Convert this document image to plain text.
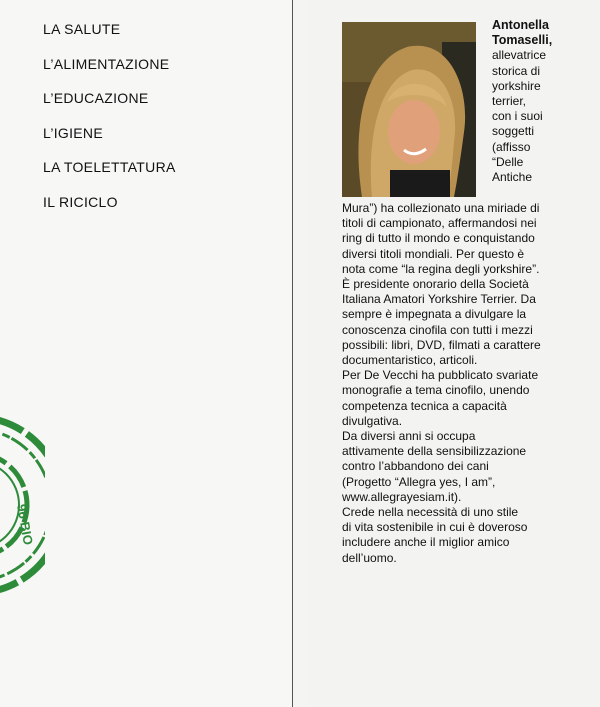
LA SALUTE
L’ALIMENTAZIONE
L’EDUCAZIONE
L’IGIENE
LA TOELETTATURA
IL RICICLO
96 BIO
Antonella
Tomaselli,
allevatrice
storica di
yorkshire
terrier,
con i suoi
soggetti
(affisso
“Delle
Antiche

Mura”) ha collezionato una miriade di
titoli di campionato, affermandosi nei
ring di tutto il mondo e conquistando
diversi titoli mondiali. Per questo è
nota come “la regina degli yorkshire”.
È presidente onorario della Società
Italiana Amatori Yorkshire Terrier. Da
sempre è impegnata a divulgare la
conoscenza cinofila con tutti i mezzi
possibili: libri, DVD, filmati a carattere
documentaristico, articoli.

Per De Vecchi ha pubblicato svariate
monografie a tema cinofilo, unendo
competenza tecnica a capacità
divulgativa.

Da diversi anni si occupa
attivamente della sensibilizzazione
contro l’abbandono dei cani
(Progetto “Allegra yes, I am”,
www.allegrayesiam.it).

Crede nella necessità di uno stile
di vita sostenibile in cui è doveroso
includere anche il miglior amico
dell’uomo.
